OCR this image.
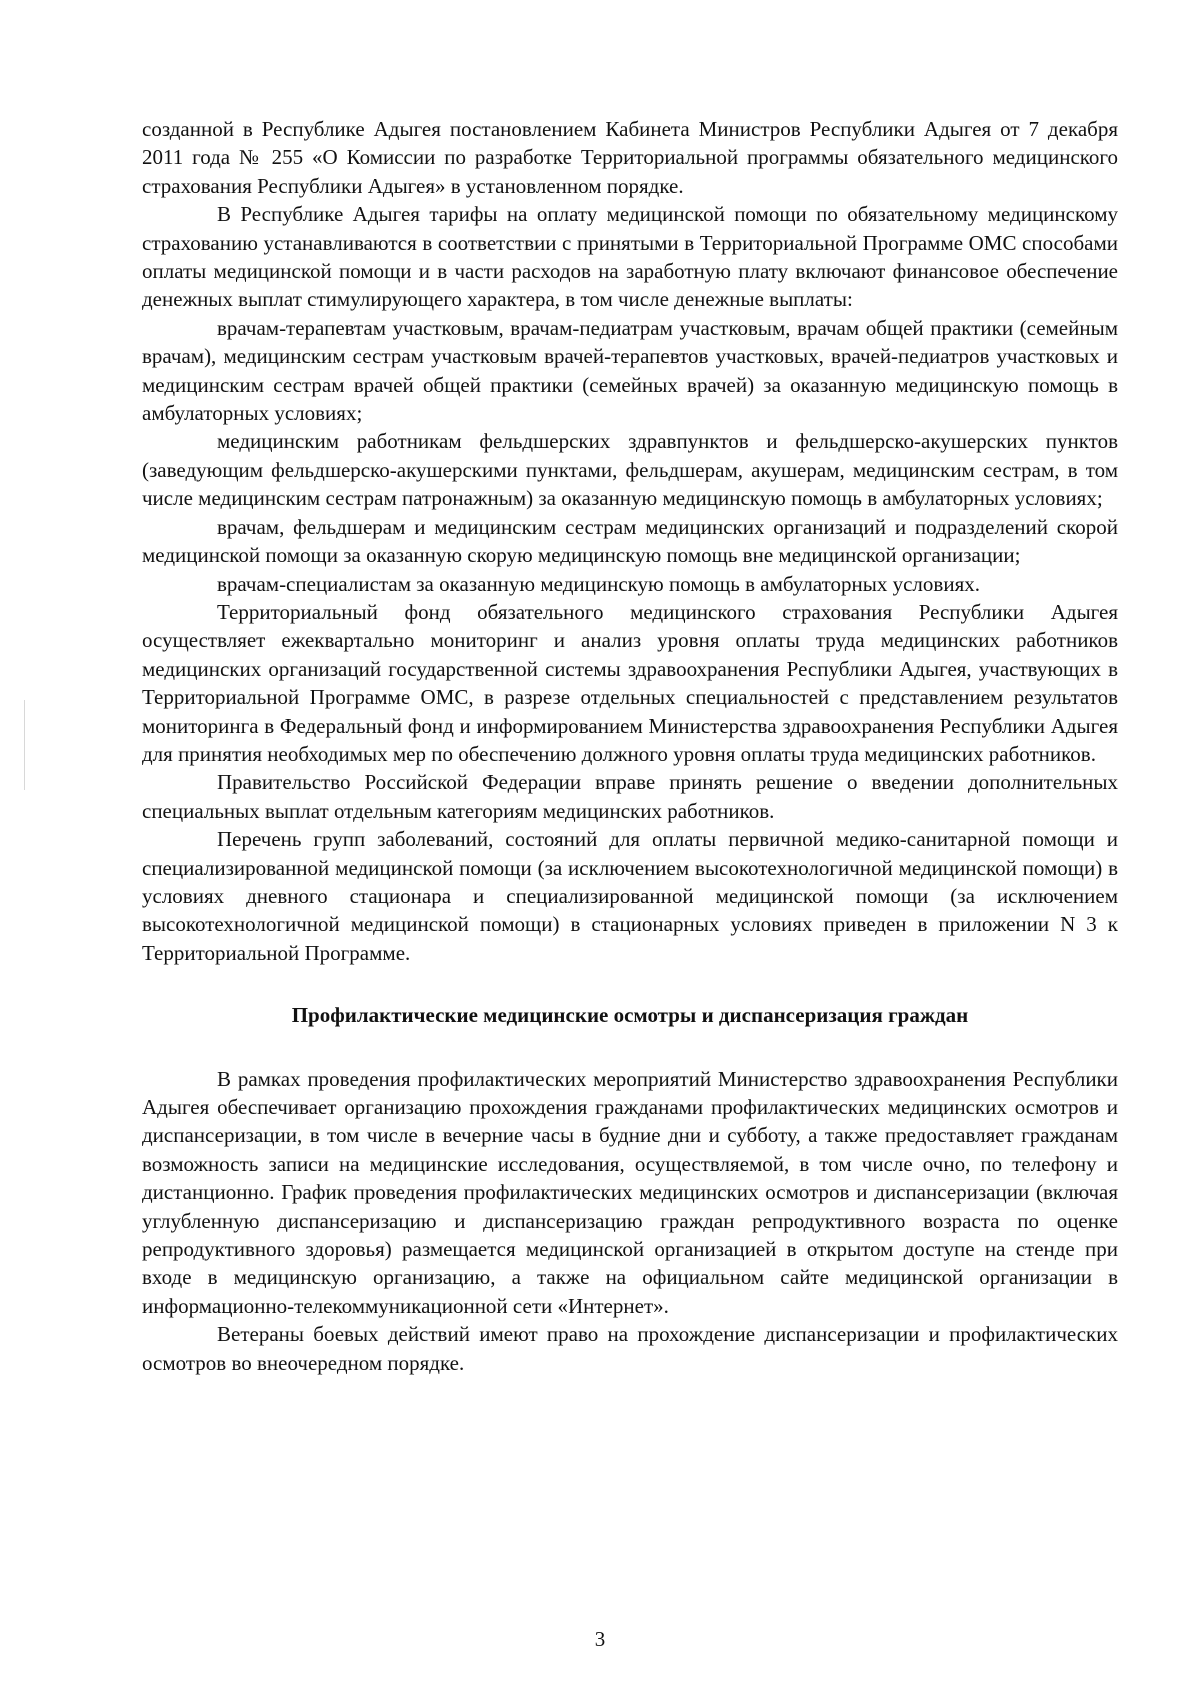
созданной в Республике Адыгея постановлением Кабинета Министров Республики Адыгея от 7 декабря 2011 года № 255 «О Комиссии по разработке Территориальной программы обязательного медицинского страхования Республики Адыгея» в установленном порядке.

В Республике Адыгея тарифы на оплату медицинской помощи по обязательному медицинскому страхованию устанавливаются в соответствии с принятыми в Территориальной Программе ОМС способами оплаты медицинской помощи и в части расходов на заработную плату включают финансовое обеспечение денежных выплат стимулирующего характера, в том числе денежные выплаты:

врачам-терапевтам участковым, врачам-педиатрам участковым, врачам общей практики (семейным врачам), медицинским сестрам участковым врачей-терапевтов участковых, врачей-педиатров участковых и медицинским сестрам врачей общей практики (семейных врачей) за оказанную медицинскую помощь в амбулаторных условиях;

медицинским работникам фельдшерских здравпунктов и фельдшерско-акушерских пунктов (заведующим фельдшерско-акушерскими пунктами, фельдшерам, акушерам, медицинским сестрам, в том числе медицинским сестрам патронажным) за оказанную медицинскую помощь в амбулаторных условиях;

врачам, фельдшерам и медицинским сестрам медицинских организаций и подразделений скорой медицинской помощи за оказанную скорую медицинскую помощь вне медицинской организации;

врачам-специалистам за оказанную медицинскую помощь в амбулаторных условиях.

Территориальный фонд обязательного медицинского страхования Республики Адыгея осуществляет ежеквартально мониторинг и анализ уровня оплаты труда медицинских работников медицинских организаций государственной системы здравоохранения Республики Адыгея, участвующих в Территориальной Программе ОМС, в разрезе отдельных специальностей с представлением результатов мониторинга в Федеральный фонд и информированием Министерства здравоохранения Республики Адыгея для принятия необходимых мер по обеспечению должного уровня оплаты труда медицинских работников.

Правительство Российской Федерации вправе принять решение о введении дополнительных специальных выплат отдельным категориям медицинских работников.

Перечень групп заболеваний, состояний для оплаты первичной медико-санитарной помощи и специализированной медицинской помощи (за исключением высокотехнологичной медицинской помощи) в условиях дневного стационара и специализированной медицинской помощи (за исключением высокотехнологичной медицинской помощи) в стационарных условиях приведен в приложении N 3 к Территориальной Программе.

Профилактические медицинские осмотры и диспансеризация граждан

В рамках проведения профилактических мероприятий Министерство здравоохранения Республики Адыгея обеспечивает организацию прохождения гражданами профилактических медицинских осмотров и диспансеризации, в том числе в вечерние часы в будние дни и субботу, а также предоставляет гражданам возможность записи на медицинские исследования, осуществляемой, в том числе очно, по телефону и дистанционно. График проведения профилактических медицинских осмотров и диспансеризации (включая углубленную диспансеризацию и диспансеризацию граждан репродуктивного возраста по оценке репродуктивного здоровья) размещается медицинской организацией в открытом доступе на стенде при входе в медицинскую организацию, а также на официальном сайте медицинской организации в информационно-телекоммуникационной сети «Интернет».

Ветераны боевых действий имеют право на прохождение диспансеризации и профилактических осмотров во внеочередном порядке.

3
